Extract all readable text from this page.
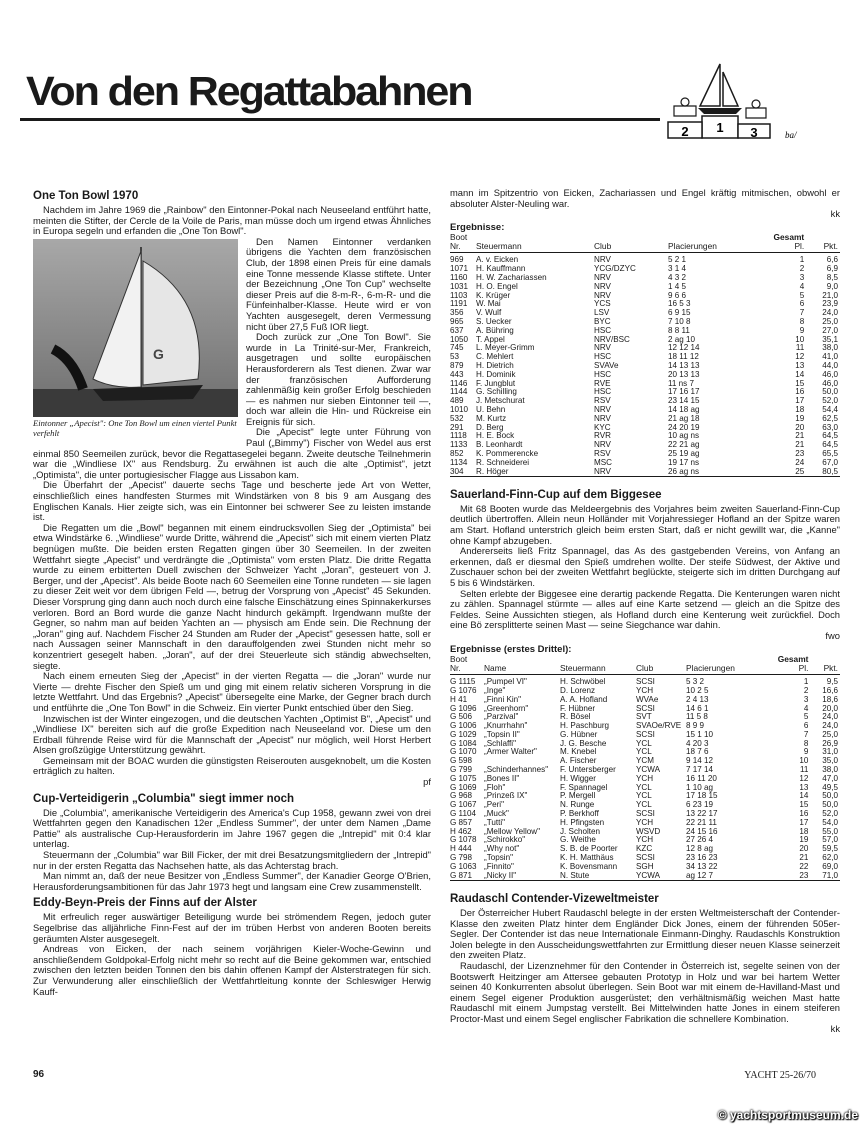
Von den Regattabahnen
1
2	3	ba/
One Ton Bowl 1970

Nachdem im Jahre 1969 die „Rainbow" den Eintonner-Pokal nach Neuseeland entführt hatte, meinten die Stifter, der Cercle de la Voile de Paris, man müsse doch um irgend etwas Ähnliches in Europa segeln und erfanden die „One Ton Bowl".

G
Eintonner „Apecist": One Ton Bowl um einen viertel Punkt verfehlt

Den Namen Eintonner verdanken übrigens die Yachten dem französischen Club, der 1898 einen Preis für eine damals eine Tonne messende Klasse stiftete. Unter der Bezeichnung „One Ton Cup" wechselte dieser Preis auf die 8-m-R-, 6-m-R- und die Fünfeinhalber-Klasse. Heute wird er von Yachten ausgesegelt, deren Vermessung nicht über 27,5 Fuß IOR liegt.

Doch zurück zur „One Ton Bowl". Sie wurde in La Trinité-sur-Mer, Frankreich, ausgetragen und sollte europäischen Herausforderern als Test dienen. Zwar war der französischen Aufforderung zahlenmäßig kein großer Erfolg beschieden — es nahmen nur sieben Eintonner teil —, doch war allein die Hin- und Rückreise ein Ereignis für sich.

Die „Apecist" legte unter Führung von Paul („Bimmy") Fischer von Wedel aus erst einmal 850 Seemeilen zurück, bevor die Regattasegelei begann. Zweite deutsche Teilnehmerin war die „Windliese IX" aus Rendsburg. Zu erwähnen ist auch die alte „Optimist", jetzt „Optimista", die unter portugiesischer Flagge aus Lissabon kam.

Die Überfahrt der „Apecist" dauerte sechs Tage und bescherte jede Art von Wetter, einschließlich eines handfesten Sturmes mit Windstärken von 8 bis 9 am Ausgang des Englischen Kanals. Hier zeigte sich, was ein Eintonner bei schwerer See zu leisten imstande ist.

Die Regatten um die „Bowl" begannen mit einem eindrucksvollen Sieg der „Optimista" bei etwa Windstärke 6. „Windliese" wurde Dritte, während die „Apecist" sich mit einem vierten Platz begnügen mußte. Die beiden ersten Regatten gingen über 30 Seemeilen. In der zweiten Wettfahrt siegte „Apecist" und verdrängte die „Optimista" vom ersten Platz. Die dritte Regatta wurde zu einem erbitterten Duell zwischen der Schweizer Yacht „Joran", gesteuert von J. Berger, und der „Apecist". Als beide Boote nach 60 Seemeilen eine Tonne rundeten — sie lagen zu dieser Zeit weit vor dem übrigen Feld —, betrug der Vorsprung von „Apecist" 45 Sekunden. Dieser Vorsprung ging dann auch noch durch eine falsche Einschätzung eines Spinnakerkurses verloren. Bord an Bord wurde die ganze Nacht hindurch gekämpft. Irgendwann mußte der Gegner, so nahm man auf beiden Yachten an — physisch am Ende sein. Die Rechnung der „Joran" ging auf. Nachdem Fischer 24 Stunden am Ruder der „Apecist" gesessen hatte, soll er nach Aussagen seiner Mannschaft in den darauffolgenden zwei Stunden nicht mehr so konzentriert gesegelt haben. „Joran", auf der drei Steuerleute sich ständig abwechselten, siegte.

Nach einem erneuten Sieg der „Apecist" in der vierten Regatta — die „Joran" wurde nur Vierte — drehte Fischer den Spieß um und ging mit einem relativ sicheren Vorsprung in die letzte Wettfahrt. Und das Ergebnis? „Apecist" übersegelte eine Marke, der Gegner brach durch und entführte die „One Ton Bowl" in die Schweiz. Ein vierter Punkt entschied über den Sieg.

Inzwischen ist der Winter eingezogen, und die deutschen Yachten „Optimist B", „Apecist" und „Windliese IX" bereiten sich auf die große Expedition nach Neuseeland vor. Diese um den Erdball führende Reise wird für die Mannschaft der „Apecist" nur möglich, weil Horst Herbert Alsen großzügige Unterstützung gewährt.

Gemeinsam mit der BOAC wurden die günstigsten Reiserouten ausgeknobelt, um die Kosten erträglich zu halten.

pf
Cup-Verteidigerin „Columbia" siegt immer noch

Die „Columbia", amerikanische Verteidigerin des America's Cup 1958, gewann zwei von drei Wettfahrten gegen den Kanadischen 12er „Endless Summer", der unter dem Namen „Dame Pattie" als australische Cup-Herausforderin im Jahre 1967 gegen die „Intrepid" mit 0:4 klar unterlag.

Steuermann der „Columbia" war Bill Ficker, der mit drei Besatzungsmitgliedern der „Intrepid" nur in der ersten Regatta das Nachsehen hatte, als das Achterstag brach.

Man nimmt an, daß der neue Besitzer von „Endless Summer", der Kanadier George O'Brien, Herausforderungsambitionen für das Jahr 1973 hegt und langsam eine Crew zusammenstellt.

Eddy-Beyn-Preis der Finns auf der Alster

Mit erfreulich reger auswärtiger Beteiligung wurde bei strömendem Regen, jedoch guter Segelbrise das alljährliche Finn-Fest auf der im trüben Herbst von anderen Booten bereits geräumten Alster ausgesegelt.

Andreas von Eicken, der nach seinem vorjährigen Kieler-Woche-Gewinn und anschließendem Goldpokal-Erfolg nicht mehr so recht auf die Beine gekommen war, entschied zwischen den letzten beiden Tonnen den bis dahin offenen Kampf der Alsterstrategen für sich. Zur Verwunderung aller einschließlich der Wettfahrtleitung konnte der Schleswiger Herwig Kauff-

mann im Spitzentrio von Eicken, Zachariassen und Engel kräftig mitmischen, obwohl er absoluter Alster-Neuling war.

kk
Ergebnisse:
Boot
Nr.	Steuermann	Club	Placierungen	Gesamt
Pl.	Pkt.
969	A. v. Eicken	NRV	5 2 1	1	6,6
1071	H. Kauffmann	YCG/DZYC	3 1 4	2	6,9
1160	H. W. Zachariassen	NRV	4 3 2	3	8,5
1031	H. O. Engel	NRV	1 4 5	4	9,0
1103	K. Krüger	NRV	9 6 6	5	21,0
1191	W. Mai	YCS	16 5 3	6	23,9
356	V. Wulf	LSV	6 9 15	7	24,0
965	S. Uecker	BYC	7 10 8	8	25,0
637	A. Bühring	HSC	8 8 11	9	27,0
1050	T. Appel	NRV/BSC	2 ag 10	10	35,1
745	L. Meyer-Grimm	NRV	12 12 14	11	38,0
53	C. Mehlert	HSC	18 11 12	12	41,0
879	H. Dietrich	SVAVe	14 13 13	13	44,0
443	H. Dominik	HSC	20 13 13	14	46,0
1146	F. Jungblut	RVE	11 ns 7	15	46,0
1144	G. Schilling	HSC	17 16 17	16	50,0
489	J. Metschurat	RSV	23 14 15	17	52,0
1010	U. Behn	NRV	14 18 ag	18	54,4
532	M. Kurtz	NRV	21 ag 18	19	62,5
291	D. Berg	KYC	24 20 19	20	63,0
1118	H. E. Bock	RVR	10 ag ns	21	64,5
1133	B. Leonhardt	NRV	22 21 ag	21	64,5
852	K. Pommerencke	RSV	25 19 ag	23	65,5
1134	R. Schneiderei	MSC	19 17 ns	24	67,0
304	R. Höger	NRV	26 ag ns	25	80,5

Sauerland-Finn-Cup auf dem Biggesee

Mit 68 Booten wurde das Meldeergebnis des Vorjahres beim zweiten Sauerland-Finn-Cup deutlich übertroffen. Allein neun Holländer mit Vorjahressieger Hofland an der Spitze waren am Start. Hofland unterstrich gleich beim ersten Start, daß er nicht gewillt war, die „Kanne" ohne Kampf abzugeben.

Andererseits ließ Fritz Spannagel, das As des gastgebenden Vereins, von Anfang an erkennen, daß er diesmal den Spieß umdrehen wollte. Der steife Südwest, der Aktive und Zuschauer schon bei der zweiten Wettfahrt beglückte, steigerte sich im dritten Durchgang auf 5 bis 6 Windstärken.

Selten erlebte der Biggesee eine derartig packende Regatta. Die Kenterungen waren nicht zu zählen. Spannagel stürmte — alles auf eine Karte setzend — gleich an die Spitze des Feldes. Seine Aussichten stiegen, als Hofland durch eine Kenterung weit zurückfiel. Doch eine Bö zersplitterte seinen Mast — seine Siegchance war dahin.

fwo
Ergebnisse (erstes Drittel):
Boot
Nr.	Name	Steuermann	Club	Placierungen	Gesamt
Pl.	Pkt.
G 1115	„Pumpel VI"	H. Schwöbel	SCSI	5 3 2	1	9,5
G 1076	„Inge"	D. Lorenz	YCH	10 2 5	2	16,6
H 41	„Finni Kin"	A. A. Hofland	WVAe	2 4 13	3	18,6
G 1096	„Greenhorn"	F. Hübner	SCSI	14 6 1	4	20,0
G 506	„Parzival"	R. Bösel	SVT	11 5 8	5	24,0
G 1006	„Knurrhahn"	H. Paschburg	SVAOe/RVE	8 9 9	6	24,0
G 1029	„Topsin II"	G. Hübner	SCSI	15 1 10	7	25,0
G 1084	„Schlaffi"	J. G. Besche	YCL	4 20 3	8	26,9
G 1070	„Armer Walter"	M. Knebel	YCL	18 7 6	9	31,0
G 598		A. Fischer	YCM	9 14 12	10	35,0
G 799	„Schinderhannes"	F. Untersberger	YCWA	7 17 14	11	38,0
G 1075	„Bones II"	H. Wigger	YCH	16 11 20	12	47,0
G 1069	„Floh"	F. Spannagel	YCL	1 10 ag	13	49,5
G 968	„Prinzeß IX"	P. Mergell	YCL	17 18 15	14	50,0
G 1067	„Peri"	N. Runge	YCL	6 23 19	15	50,0
G 1104	„Muck"	P. Berkhoff	SCSI	13 22 17	16	52,0
G 857	„Tutti"	H. Pfingsten	YCH	22 21 11	17	54,0
H 462	„Mellow Yellow"	J. Scholten	WSVD	24 15 16	18	55,0
G 1078	„Schirokko"	G. Weithe	YCH	27 26 4	19	57,0
H 444	„Why not"	S. B. de Poorter	KZC	12 8 ag	20	59,5
G 798	„Topsin"	K. H. Matthäus	SCSI	23 16 23	21	62,0
G 1063	„Finnito"	K. Bovensmann	SGH	34 13 22	22	69,0
G 871	„Nicky II"	N. Stute	YCWA	ag 12 7	23	71,0

Raudaschl Contender-Vizeweltmeister

Der Österreicher Hubert Raudaschl belegte in der ersten Weltmeisterschaft der Contender-Klasse den zweiten Platz hinter dem Engländer Dick Jones, einem der führenden 505er-Segler. Der Contender ist das neue Internationale Einmann-Dinghy. Raudaschls Konstruktion Jolen belegte in den Ausscheidungswettfahrten zur Ermittlung dieser neuen Klasse seinerzeit den zweiten Platz.

Raudaschl, der Lizenznehmer für den Contender in Österreich ist, segelte seinen von der Bootswerft Heitzinger am Attersee gebauten Prototyp in Holz und war bei hartem Wetter seinen 40 Konkurrenten absolut überlegen. Sein Boot war mit einem de-Havilland-Mast und einem Segel eigener Produktion ausgerüstet; den verhältnismäßig weichen Mast hatte Raudaschl mit einem Jumpstag verstellt. Bei Mittelwinden hatte Jones in einem steiferen Proctor-Mast und einem Segel englischer Fabrikation die schnellere Kombination.

kk
96	YACHT 25-26/70
© yachtsportmuseum.de
